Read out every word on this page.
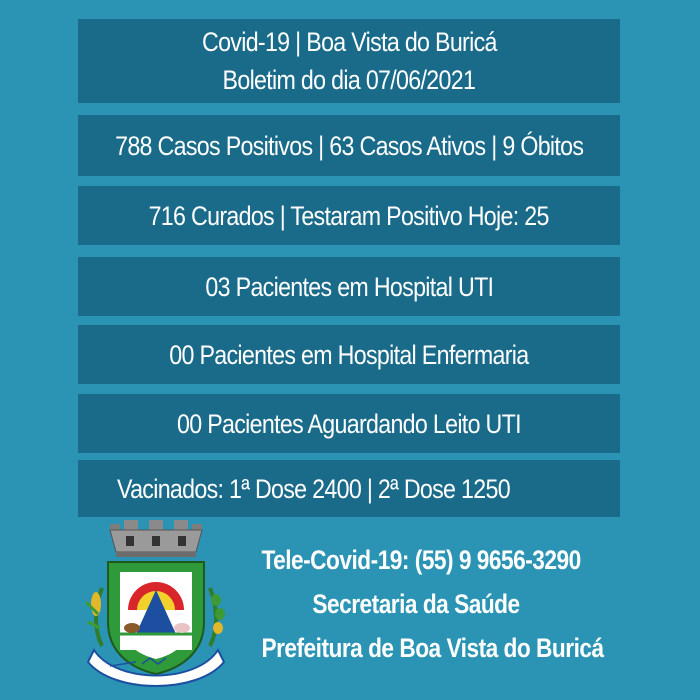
Covid-19 | Boa Vista do Buricá
Boletim do dia 07/06/2021
788 Casos Positivos | 63 Casos Ativos | 9 Óbitos
716 Curados | Testaram Positivo Hoje: 25
03 Pacientes em Hospital UTI
00 Pacientes em Hospital Enfermaria
00 Pacientes Aguardando Leito UTI
Vacinados: 1ª Dose 2400 | 2ª Dose 1250
Tele-Covid-19: (55) 9 9656-3290
Secretaria da Saúde
Prefeitura de Boa Vista do Buricá
